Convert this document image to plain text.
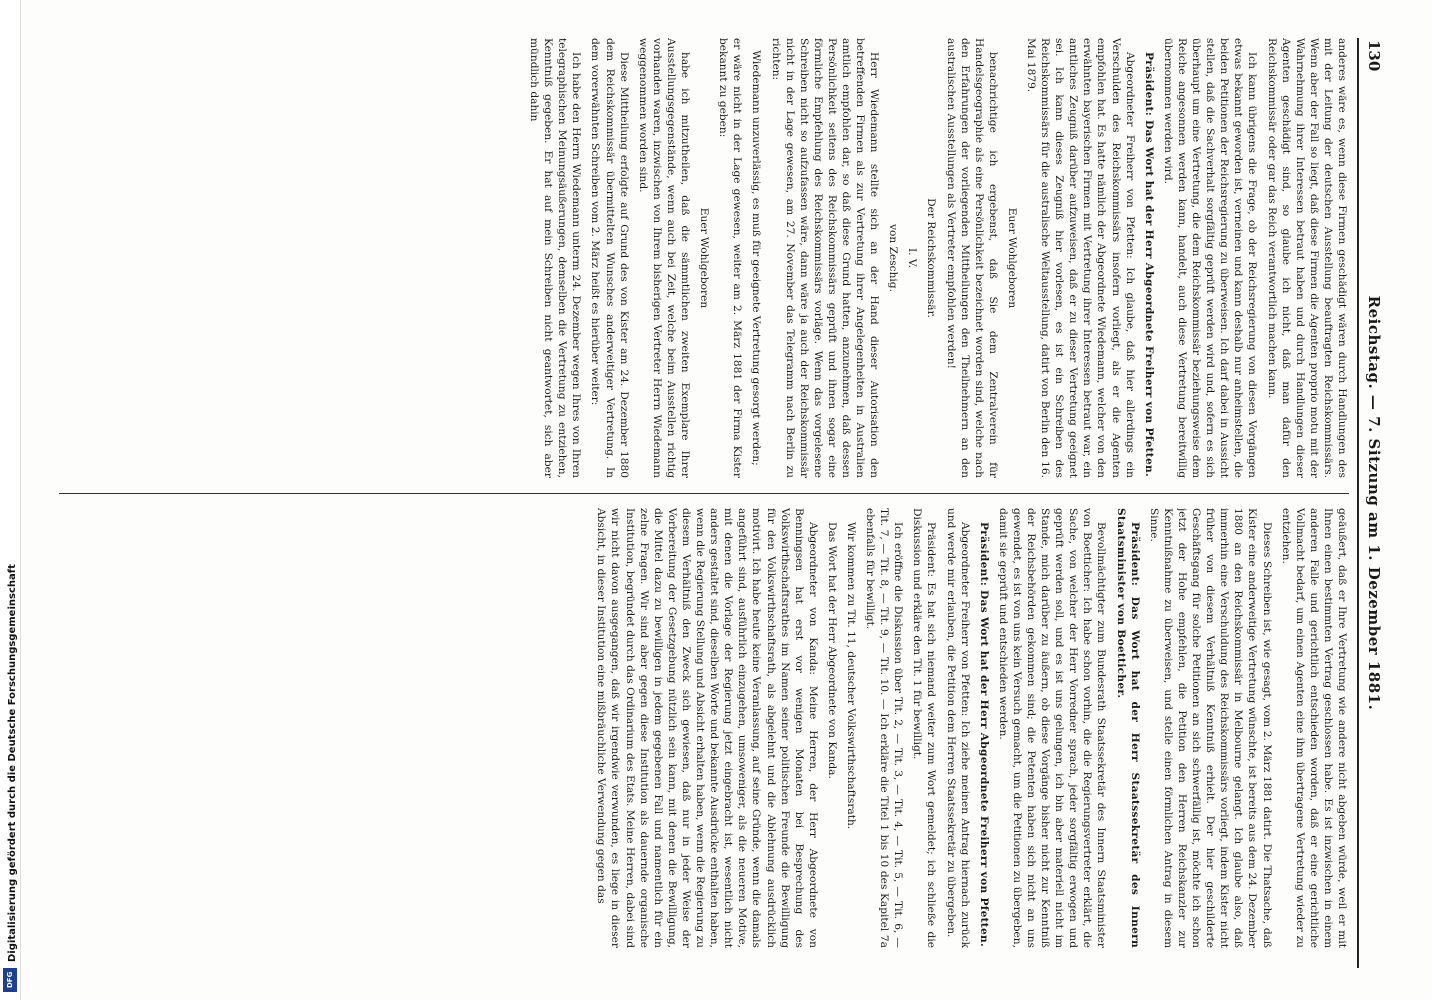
130
Reichstag. — 7. Sitzung am 1. Dezember 1881.

anderes wäre es, wenn diese Firmen geschädigt wären durch Handlungen des mit der Leitung der deutschen Ausstellung beauftragten Reichskommissärs. Wenn aber der Fall so liegt, daß diese Firmen die Agenten proprio motu mit der Wahrnehmung ihrer Interessen betraut haben und durch Handlungen dieser Agenten geschädigt sind, so glaube ich nicht, daß man dafür den Reichskommissär oder gar das Reich verantwortlich machen kann.

Ich kann übrigens die Frage, ob der Reichsregierung von diesen Vorgängen etwas bekannt geworden ist, verneinen und kann deshalb nur anheimstellen, die beiden Petitionen der Reichsregierung zu überweisen. Ich darf dabei in Aussicht stellen, daß die Sachverhalt sorgfältig geprüft werden wird und, sofern es sich überhaupt um eine Vertretung, die dem Reichskommissär beziehungsweise dem Reiche angesonnen werden kann, handelt, auch diese Vertretung bereitwillig übernommen werden wird.

Präsident: Das Wort hat der Herr Abgeordnete Freiherr von Pfetten.

Abgeordneter Freiherr von Pfetten: Ich glaube, daß hier allerdings ein Verschulden des Reichskommissärs insofern vorliegt, als er die Agenten empfohlen hat. Es hatte nämlich der Abgeordnete Wiedemann, welcher von den erwähnten bayerischen Firmen mit Vertretung ihrer Interessen betraut war, ein amtliches Zeugniß darüber aufzuweisen, daß er zu dieser Vertretung geeignet sei. Ich kann dieses Zeugniß hier vorlesen, es ist ein Schreiben des Reichskommissärs für die australische Weltausstellung, datirt von Berlin den 16. Mai 1879.

Euer Wohlgeboren

benachrichtige ich ergebenst, daß Sie dem Zentralverein für Handelsgeographie als eine Persönlichkeit bezeichnet worden sind, welche nach den Erfahrungen der vorliegenden Mittheilungen den Theilnehmern an den australischen Ausstellungen als Vertreter empfohlen werden!

Der Reichskommissär.

I. V.

von Zeschig.

Herr Wiedemann stellte sich an der Hand dieser Autorisation den betreffenden Firmen als zur Vertretung ihrer Angelegenheiten in Australien amtlich empfohlen dar, so daß diese Grund hatten, anzunehmen, daß dessen Persönlichkeit seitens des Reichskommissärs geprüft und ihnen sogar eine förmliche Empfehlung des Reichskommissärs vorläge. Wenn das vorgelesene Schreiben nicht so aufzufassen wäre, dann wäre ja auch der Reichskommissär nicht in der Lage gewesen, am 27. November das Telegramm nach Berlin zu richten:

Wiedemann unzuverlässig, es muß für geeignete Vertretung gesorgt werden;

er wäre nicht in der Lage gewesen, weiter am 2. März 1881 der Firma Kister bekannt zu geben:

Euer Wohlgeboren

habe ich mitzutheilen, daß die sämmtlichen zweiten Exemplare Ihrer Ausstellungsgegenstände, wenn auch bei Zeit, welche beim Ausstellen richtig vorhanden waren, inzwischen von Ihrem bisherigen Vertreter Herrn Wiedemann weggenommen worden sind.

Diese Mittheilung erfolgte auf Grund des von Kister am 24. Dezember 1880 dem Reichskommissär übermittelten Wunsches anderweitiger Vertretung. In dem vorerwähnten Schreiben vom 2. März heißt es hierüber weiter:

Ich habe den Herrn Wiedemann unterm 24. Dezember wegen Ihres von Ihren telegraphischen Meinungsäußerungen, demselben die Vertretung zu entziehen, Kenntniß gegeben. Er hat auf mein Schreiben nicht geantwortet, sich aber mündlich dahin

geäußert, daß er Ihre Vertretung wie andere nicht abgeben würde, weil er mit Ihnen einen bestimmten Vertrag geschlossen habe. Es ist inzwischen in einem anderen Falle und gerichtlich entschieden worden, daß er eine gerichtliche Vollmacht bedarf, um einen Agenten eine ihm übertragene Vertretung wieder zu entziehen.

Dieses Schreiben ist, wie gesagt, vom 2. März 1881 datirt. Die Thatsache, daß Kister eine anderweitige Vertretung wünschte, ist bereits aus dem 24. Dezember 1880 an den Reichskommissär in Melbourne gelangt. Ich glaube also, daß immerhin eine Verschuldung des Reichskommissärs vorliegt, indem Kister nicht früher von diesem Verhältniß Kenntniß erhielt. Der hier geschilderte Geschäftsgang für solche Petitionen an sich schwerfällig ist, möchte ich schon jetzt der Hohe empfehlen, die Petition den Herren Reichskanzler zur Kenntnißnahme zu überweisen, und stelle einen förmlichen Antrag in diesem Sinne.

Präsident: Das Wort hat der Herr Staatssekretär des Innern Staatsminister von Boetticher.

Bevollmächtigter zum Bundesrath Staatssekretär des Innern Staatsminister von Boetticher: Ich habe schon vorhin, die die Regierungsvertreter erklärt, die Sache, von welcher der Herr Vorredner sprach, jeder sorgfältig erwogen und geprüft werden soll, und es ist uns gelungen, ich bin aber materiell nicht im Stande, mich darüber zu äußern, ob diese Vorgänge bisher nicht zur Kenntniß der Reichsbehörden gekommen sind; die Petenten haben sich nicht an uns gewendet, es ist von uns kein Versuch gemacht, um die Petitionen zu übergeben, damit sie geprüft und entschieden werden.

Präsident: Das Wort hat der Herr Abgeordnete Freiherr von Pfetten.

Abgeordneter Freiherr von Pfetten: Ich ziehe meinen Antrag hiernach zurück und werde mir erlauben, die Petition dem Herren Staatssekretär zu übergeben.

Präsident: Es hat sich niemand weiter zum Wort gemeldet; ich schließe die Diskussion und erkläre den Tit. 1 für bewilligt.

Ich eröffne die Diskussion über Tit. 2, — Tit. 3, — Tit. 4, — Tit. 5, — Tit. 6, — Tit. 7, — Tit. 8, — Tit. 9, — Tit. 10. — Ich erkläre die Titel 1 bis 10 des Kapitel 7a ebenfalls für bewilligt.

Wir kommen zu Tit. 11, deutscher Volkswirthschaftsrath.

Das Wort hat der Herr Abgeordnete von Kanda.

Abgeordneter von Kanda: Meine Herren, der Herr Abgeordnete von Benningsen hat erst vor wenigen Monaten bei Besprechung des Volkswirthschaftsrathes im Namen seiner politischen Freunde die Bewilligung für den Volkswirthschaftsrath, als abgelehnt und die Ablehnung ausdrücklich motivirt. Ich habe heute keine Veranlassung, auf seine Gründe, wenn die damals angeführt sind, ausführlich einzugehen, umsoweniger, als die neueren Motive, mit denen die Vorlage der Regierung jetzt eingebracht ist, wesentlich nicht anders gestaltet sind, dieselben Worte und bekannte Ausdrücke enthalten haben, wenn die Regierung Stellung und Absicht erhalten haben, wenn die Regierung zu diesem Verhältniß den Zweck sich gewiesen, daß nur in jeder Weise der Vorbereitung der Gesetzgebung nützlich sein kann, mit denen die Bewilligung, die Mittel dazu zu bewilligen in jedem gegebenen Fall und namentlich für ein zelne Fragen. Wir sind aber gegen diese Institution als dauernde organische Institution, begründet durch das Ordinarium des Etats. Meine Herren, dabei sind wir nicht davon ausgegangen, daß wir irgendwie verwunden, es liege in dieser Absicht, in dieser Institution eine mißbräuchliche Verwendung gegen das

Digitalisierung gefördert durch die Deutsche Forschungsgemeinschaft
DFG
